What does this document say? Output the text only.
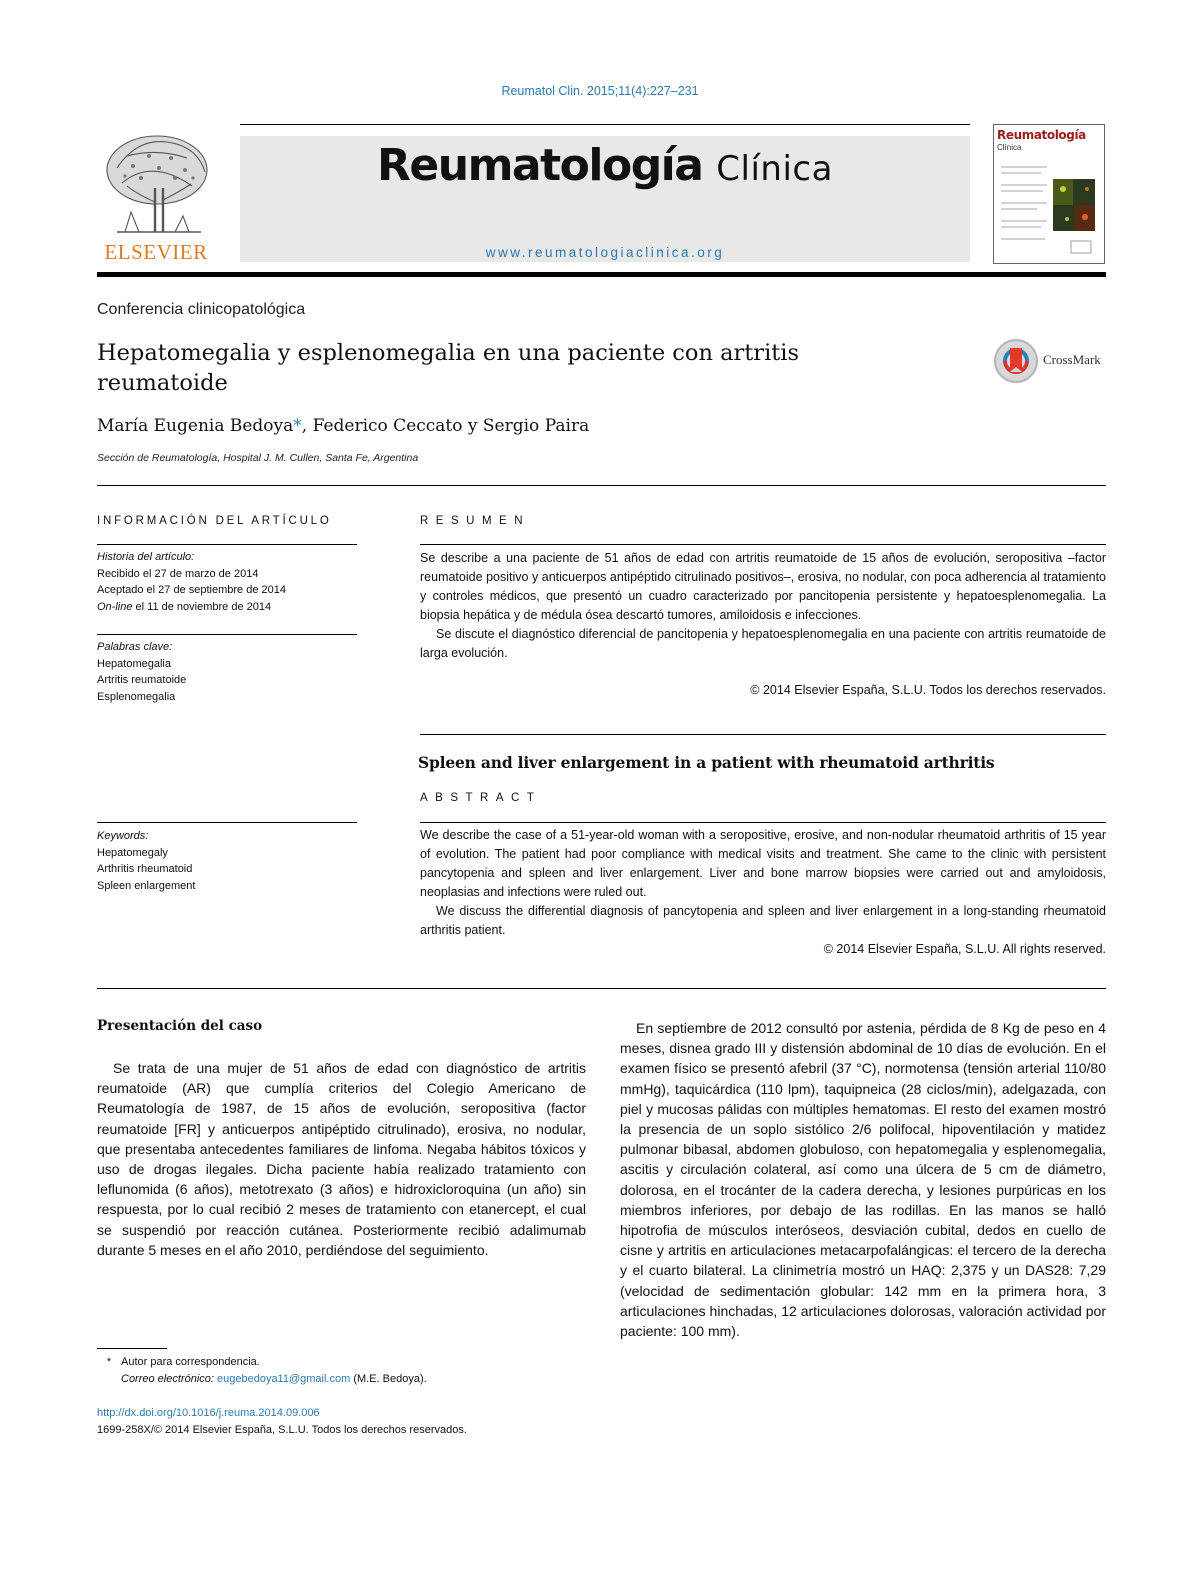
Reumatol Clin. 2015;11(4):227–231
ELSEVIER
Reumatología Clínica
www.reumatologiaclinica.org
Reumatología
Clínica
Conferencia clinicopatológica
Hepatomegalia y esplenomegalia en una paciente con artritis reumatoide
CrossMark
María Eugenia Bedoya*, Federico Ceccato y Sergio Paira
Sección de Reumatología, Hospital J. M. Cullen, Santa Fe, Argentina
INFORMACIÓN DEL ARTÍCULO
Historia del artículo:
Recibido el 27 de marzo de 2014
Aceptado el 27 de septiembre de 2014
On-line el 11 de noviembre de 2014
Palabras clave:
Hepatomegalia
Artritis reumatoide
Esplenomegalia
Keywords:
Hepatomegaly
Arthritis rheumatoid
Spleen enlargement
RESUMEN

Se describe a una paciente de 51 años de edad con artritis reumatoide de 15 años de evolución, seropositiva –factor reumatoide positivo y anticuerpos antipéptido citrulinado positivos–, erosiva, no nodular, con poca adherencia al tratamiento y controles médicos, que presentó un cuadro caracterizado por pancitopenia persistente y hepatoesplenomegalia. La biopsia hepática y de médula ósea descartó tumores, amiloidosis e infecciones.

Se discute el diagnóstico diferencial de pancitopenia y hepatoesplenomegalia en una paciente con artritis reumatoide de larga evolución.

© 2014 Elsevier España, S.L.U. Todos los derechos reservados.
Spleen and liver enlargement in a patient with rheumatoid arthritis
ABSTRACT

We describe the case of a 51-year-old woman with a seropositive, erosive, and non-nodular rheumatoid arthritis of 15 year of evolution. The patient had poor compliance with medical visits and treatment. She came to the clinic with persistent pancytopenia and spleen and liver enlargement. Liver and bone marrow biopsies were carried out and amyloidosis, neoplasias and infections were ruled out.

We discuss the differential diagnosis of pancytopenia and spleen and liver enlargement in a long-standing rheumatoid arthritis patient.

© 2014 Elsevier España, S.L.U. All rights reserved.
Presentación del caso

Se trata de una mujer de 51 años de edad con diagnóstico de artritis reumatoide (AR) que cumplía criterios del Colegio Americano de Reumatología de 1987, de 15 años de evolución, seropositiva (factor reumatoide [FR] y anticuerpos antipéptido citrulinado), erosiva, no nodular, que presentaba antecedentes familiares de linfoma. Negaba hábitos tóxicos y uso de drogas ilegales. Dicha paciente había realizado tratamiento con leflunomida (6 años), metotrexato (3 años) e hidroxicloroquina (un año) sin respuesta, por lo cual recibió 2 meses de tratamiento con etanercept, el cual se suspendió por reacción cutánea. Posteriormente recibió adalimumab durante 5 meses en el año 2010, perdiéndose del seguimiento.

En septiembre de 2012 consultó por astenia, pérdida de 8 Kg de peso en 4 meses, disnea grado III y distensión abdominal de 10 días de evolución. En el examen físico se presentó afebril (37 °C), normotensa (tensión arterial 110/80 mmHg), taquicárdica (110 lpm), taquipneica (28 ciclos/min), adelgazada, con piel y mucosas pálidas con múltiples hematomas. El resto del examen mostró la presencia de un soplo sistólico 2/6 polifocal, hipoventilación y matidez pulmonar bibasal, abdomen globuloso, con hepatomegalia y esplenomegalia, ascitis y circulación colateral, así como una úlcera de 5 cm de diámetro, dolorosa, en el trocánter de la cadera derecha, y lesiones purpúricas en los miembros inferiores, por debajo de las rodillas. En las manos se halló hipotrofia de músculos interóseos, desviación cubital, dedos en cuello de cisne y artritis en articulaciones metacarpofalángicas: el tercero de la derecha y el cuarto bilateral. La clinimetría mostró un HAQ: 2,375 y un DAS28: 7,29 (velocidad de sedimentación globular: 142 mm en la primera hora, 3 articulaciones hinchadas, 12 articulaciones dolorosas, valoración actividad por paciente: 100 mm).

* Autor para correspondencia.
Correo electrónico: eugebedoya11@gmail.com (M.E. Bedoya).
http://dx.doi.org/10.1016/j.reuma.2014.09.006
1699-258X/© 2014 Elsevier España, S.L.U. Todos los derechos reservados.
